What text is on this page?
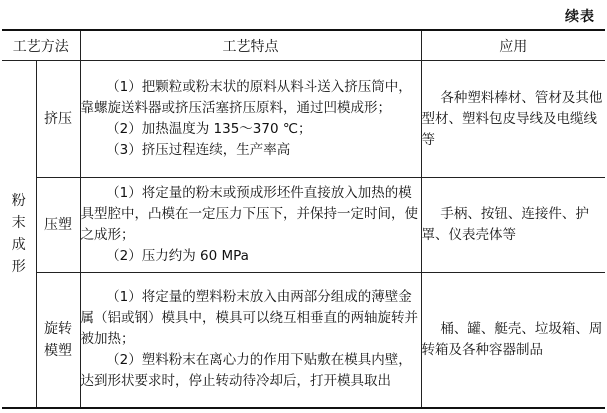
续表
工艺方法		工艺特点	应用
粉末成形	挤压	（1）把颗粒或粉末状的原料从料斗送入挤压筒中，靠螺旋送料器或挤压活塞挤压原料，通过凹模成形；

（2）加热温度为 135～370 ℃；

（3）挤压过程连续，生产率高	各种塑料棒材、管材及其他型材、塑料包皮导线及电缆线等
	压塑	（1）将定量的粉末或预成形坯件直接放入加热的模具型腔中，凸模在一定压力下压下，并保持一定时间，使之成形；

（2）压力约为 60 MPa	手柄、按钮、连接件、护罩、仪表壳体等
	旋转模塑	（1）将定量的塑料粉末放入由两部分组成的薄壁金属（铝或钢）模具中，模具可以绕互相垂直的两轴旋转并被加热；

（2）塑料粉末在离心力的作用下贴敷在模具内壁，达到形状要求时，停止转动待冷却后，打开模具取出	桶、罐、艇壳、垃圾箱、周转箱及各种容器制品
